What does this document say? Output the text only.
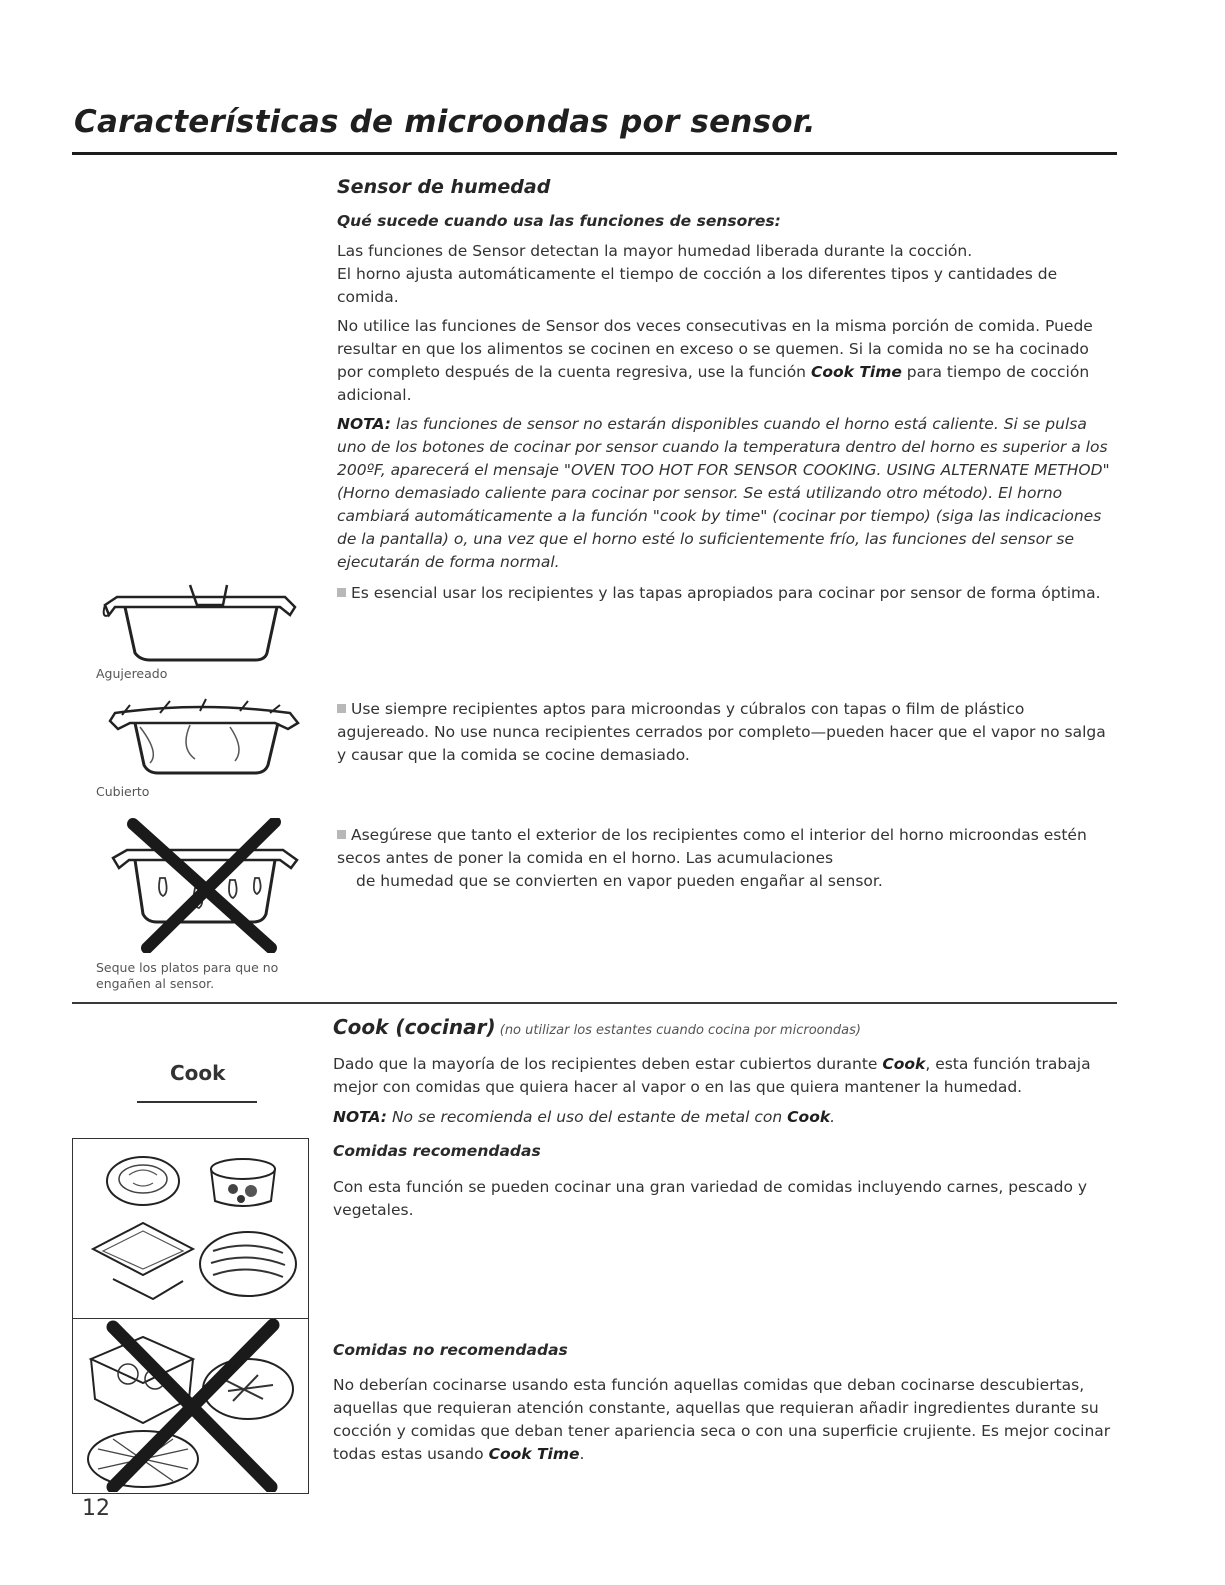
Características de microondas por sensor.
Sensor de humedad
Qué sucede cuando usa las funciones de sensores:

Las funciones de Sensor detectan la mayor humedad liberada durante la cocción.

El horno ajusta automáticamente el tiempo de cocción a los diferentes tipos y cantidades de comida.

No utilice las funciones de Sensor dos veces consecutivas en la misma porción de comida. Puede resultar en que los alimentos se cocinen en exceso o se quemen. Si la comida no se ha cocinado por completo después de la cuenta regresiva, use la función Cook Time para tiempo de cocción adicional.

NOTA: las funciones de sensor no estarán disponibles cuando el horno está caliente. Si se pulsa uno de los botones de cocinar por sensor cuando la temperatura dentro del horno es superior a los 200ºF, aparecerá el mensaje "OVEN TOO HOT FOR SENSOR COOKING. USING ALTERNATE METHOD" (Horno demasiado caliente para cocinar por sensor. Se está utilizando otro método). El horno cambiará automáticamente a la función "cook by time" (cocinar por tiempo) (siga las indicaciones de la pantalla) o, una vez que el horno esté lo suficientemente frío, las funciones del sensor se ejecutarán de forma normal.

Es esencial usar los recipientes y las tapas apropiados para cocinar por sensor de forma óptima.
Use siempre recipientes aptos para microondas y cúbralos con tapas o film de plástico agujereado. No use nunca recipientes cerrados por completo—pueden hacer que el vapor no salga y causar que la comida se cocine demasiado.
Asegúrese que tanto el exterior de los recipientes como el interior del horno microondas estén secos antes de poner la comida en el horno. Las acumulaciones
de humedad que se convierten en vapor pueden engañar al sensor.
Agujereado
Cubierto
Seque los platos para que no engañen al sensor.
Cook (cocinar) (no utilizar los estantes cuando cocina por microondas)
Cook	Dado que la mayoría de los recipientes deben estar cubiertos durante Cook, esta función trabaja mejor con comidas que quiera hacer al vapor o en las que quiera mantener la humedad.

NOTA: No se recomienda el uso del estante de metal con Cook.

Comidas recomendadas
Con esta función se pueden cocinar una gran variedad de comidas incluyendo carnes, pescado y vegetales.
Comidas no recomendadas
No deberían cocinarse usando esta función aquellas comidas que deban cocinarse descubiertas, aquellas que requieran atención constante, aquellas que requieran añadir ingredientes durante su cocción y comidas que deban tener apariencia seca o con una superficie crujiente. Es mejor cocinar todas estas usando Cook Time.
12
